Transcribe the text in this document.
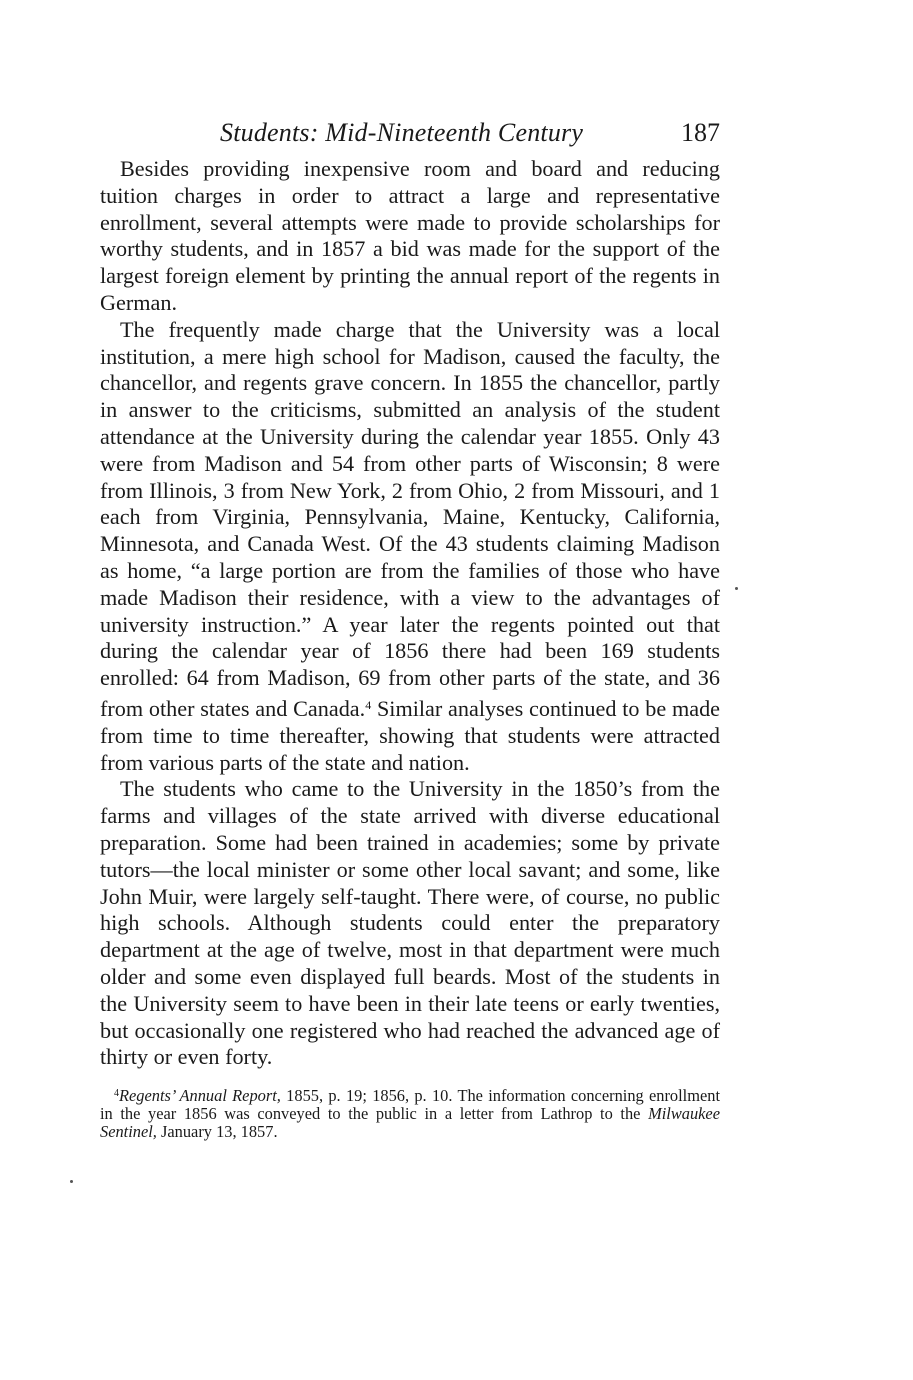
Students: Mid-Nineteenth Century	187

Besides providing inexpensive room and board and reducing tuition charges in order to attract a large and representative enrollment, several attempts were made to provide scholarships for worthy students, and in 1857 a bid was made for the support of the largest foreign element by printing the annual report of the regents in German.

The frequently made charge that the University was a local institution, a mere high school for Madison, caused the faculty, the chancellor, and regents grave concern. In 1855 the chancellor, partly in answer to the criticisms, submitted an analysis of the student attendance at the University during the calendar year 1855. Only 43 were from Madison and 54 from other parts of Wisconsin; 8 were from Illinois, 3 from New York, 2 from Ohio, 2 from Missouri, and 1 each from Virginia, Pennsylvania, Maine, Kentucky, California, Minnesota, and Canada West. Of the 43 students claiming Madison as home, “a large portion are from the families of those who have made Madison their residence, with a view to the advantages of university instruction.” A year later the regents pointed out that during the calendar year of 1856 there had been 169 students enrolled: 64 from Madison, 69 from other parts of the state, and 36 from other states and Canada.$^4$ Similar analyses continued to be made from time to time thereafter, showing that students were attracted from various parts of the state and nation.

The students who came to the University in the 1850’s from the farms and villages of the state arrived with diverse educational preparation. Some had been trained in academies; some by private tutors—the local minister or some other local savant; and some, like John Muir, were largely self-taught. There were, of course, no public high schools. Although students could enter the preparatory department at the age of twelve, most in that department were much older and some even displayed full beards. Most of the students in the University seem to have been in their late teens or early twenties, but occasionally one registered who had reached the advanced age of thirty or even forty.

$^4$Regents’ Annual Report, 1855, p. 19; 1856, p. 10. The information concerning enrollment in the year 1856 was conveyed to the public in a letter from Lathrop to the Milwaukee Sentinel, January 13, 1857.
